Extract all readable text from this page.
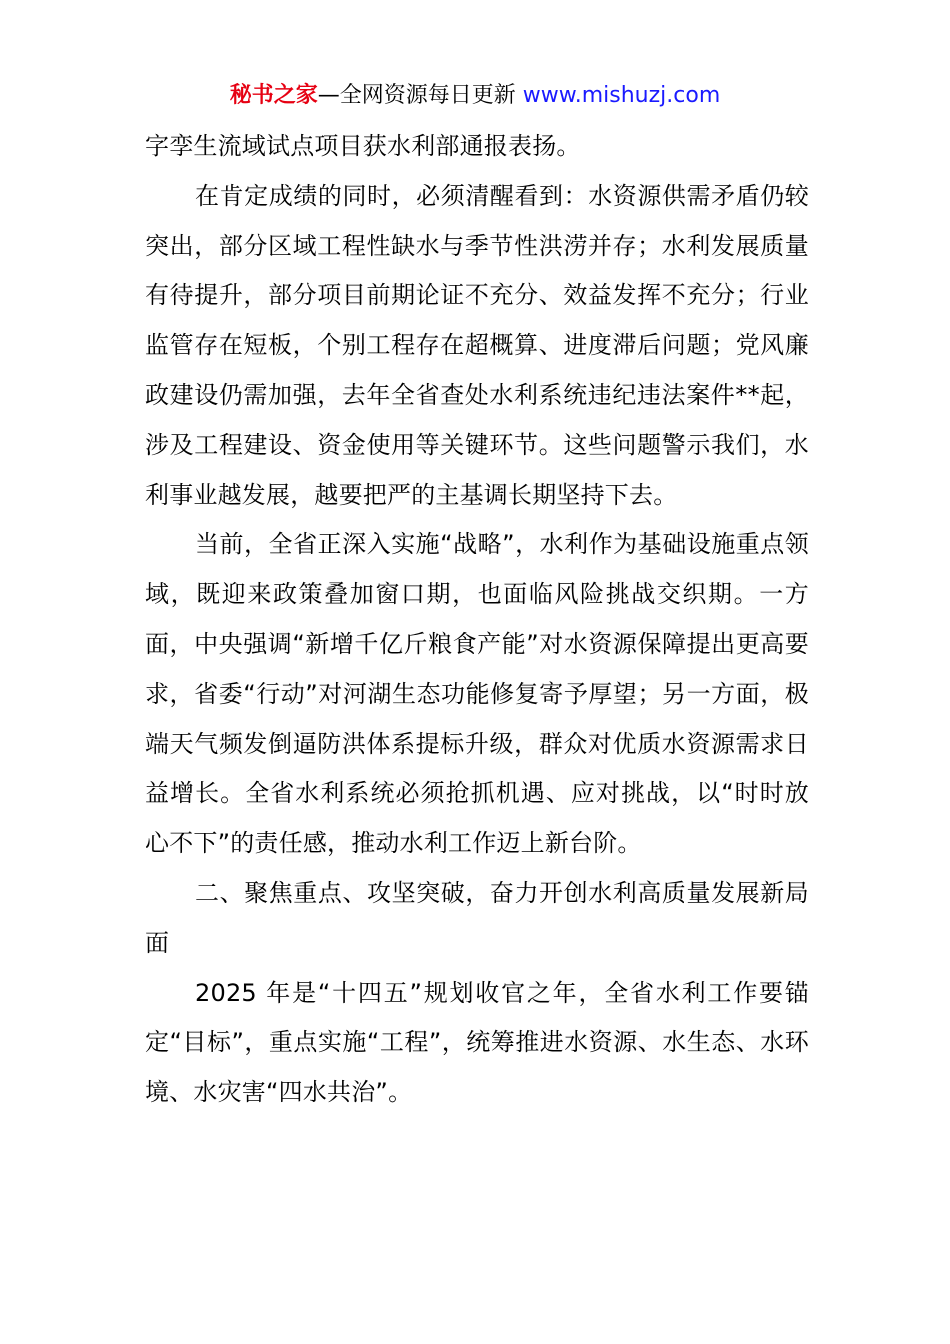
秘书之家—全网资源每日更新 www.mishuzj.com

字孪生流域试点项目获水利部通报表扬。

在肯定成绩的同时，必须清醒看到：水资源供需矛盾仍较突出，部分区域工程性缺水与季节性洪涝并存；水利发展质量有待提升，部分项目前期论证不充分、效益发挥不充分；行业监管存在短板，个别工程存在超概算、进度滞后问题；党风廉政建设仍需加强，去年全省查处水利系统违纪违法案件**起，涉及工程建设、资金使用等关键环节。这些问题警示我们，水利事业越发展，越要把严的主基调长期坚持下去。

当前，全省正深入实施“战略”，水利作为基础设施重点领域，既迎来政策叠加窗口期，也面临风险挑战交织期。一方面，中央强调“新增千亿斤粮食产能”对水资源保障提出更高要求，省委“行动”对河湖生态功能修复寄予厚望；另一方面，极端天气频发倒逼防洪体系提标升级，群众对优质水资源需求日益增长。全省水利系统必须抢抓机遇、应对挑战，以“时时放心不下”的责任感，推动水利工作迈上新台阶。

二、聚焦重点、攻坚突破，奋力开创水利高质量发展新局面

2025 年是“十四五”规划收官之年，全省水利工作要锚定“目标”，重点实施“工程”，统筹推进水资源、水生态、水环境、水灾害“四水共治”。
